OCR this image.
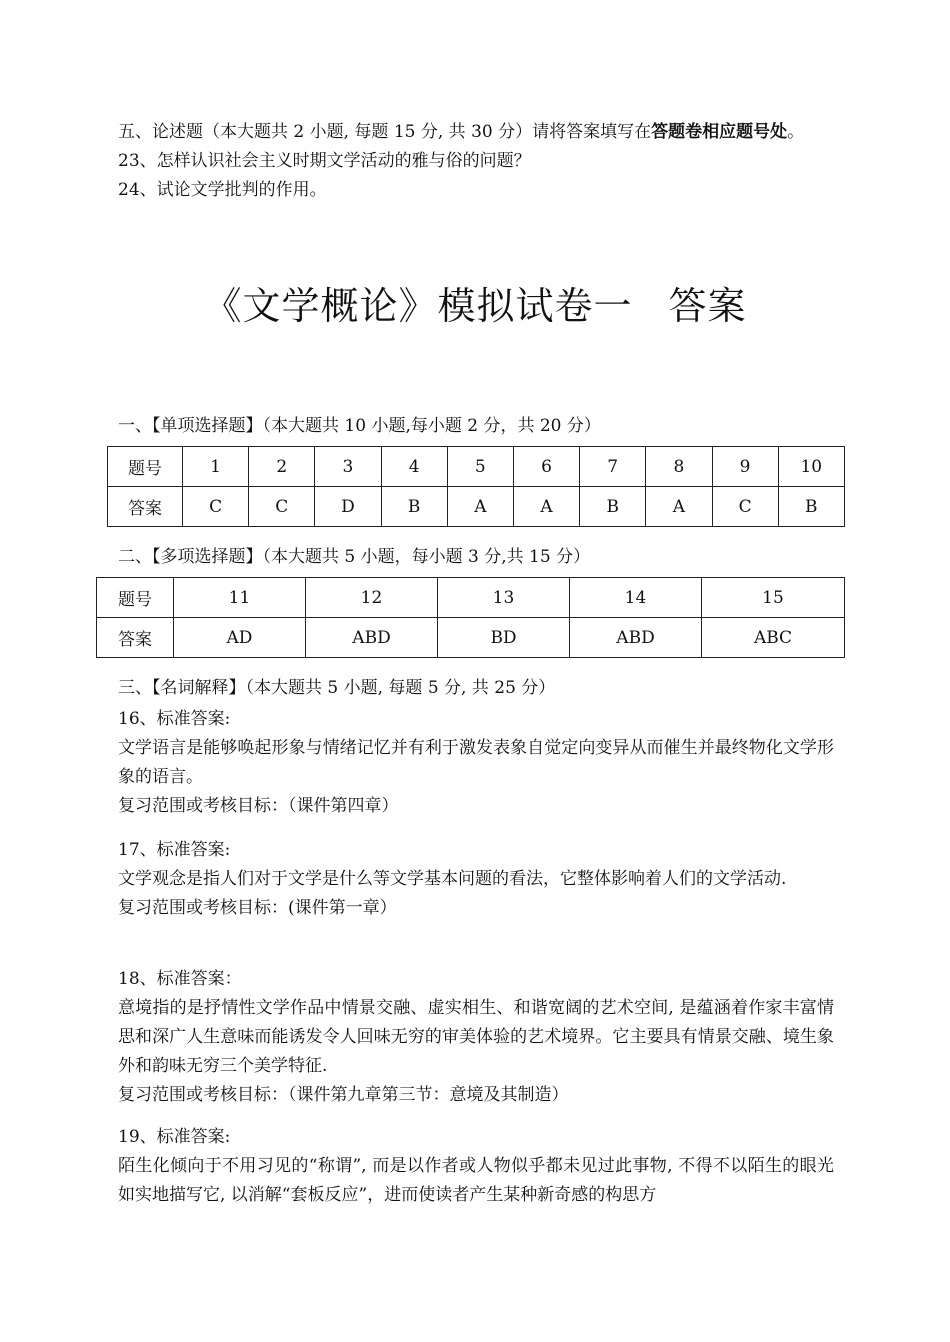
五、论述题（本大题共 2 小题, 每题 15 分, 共 30 分）请将答案填写在答题卷相应题号处。
23、怎样认识社会主义时期文学活动的雅与俗的问题？
24、试论文学批判的作用。
《文学概论》模拟试卷一 答案
一、【单项选择题】（本大题共 10 小题,每小题 2 分，共 20 分）
题号	1	2	3	4	5	6	7	8	9	10
答案	C	C	D	B	A	A	B	A	C	B
二、【多项选择题】（本大题共 5 小题，每小题 3 分,共 15 分）
题号	11	12	13	14	15
答案	AD	ABD	BD	ABD	ABC
三、【名词解释】（本大题共 5 小题, 每题 5 分, 共 25 分）
16、标准答案:
文学语言是能够唤起形象与情绪记忆并有利于激发表象自觉定向变异从而催生并最终物化文学形象的语言。
复习范围或考核目标：（课件第四章）
17、标准答案:
文学观念是指人们对于文学是什么等文学基本问题的看法，它整体影响着人们的文学活动.
复习范围或考核目标：(课件第一章）
18、标准答案：
意境指的是抒情性文学作品中情景交融、虚实相生、和谐宽阔的艺术空间, 是蕴涵着作家丰富情思和深广人生意味而能诱发令人回味无穷的审美体验的艺术境界。它主要具有情景交融、境生象外和韵味无穷三个美学特征.
复习范围或考核目标：（课件第九章第三节：意境及其制造）
19、标准答案:
陌生化倾向于不用习见的“称谓”, 而是以作者或人物似乎都未见过此事物, 不得不以陌生的眼光如实地描写它, 以消解“套板反应”，进而使读者产生某种新奇感的构思方
